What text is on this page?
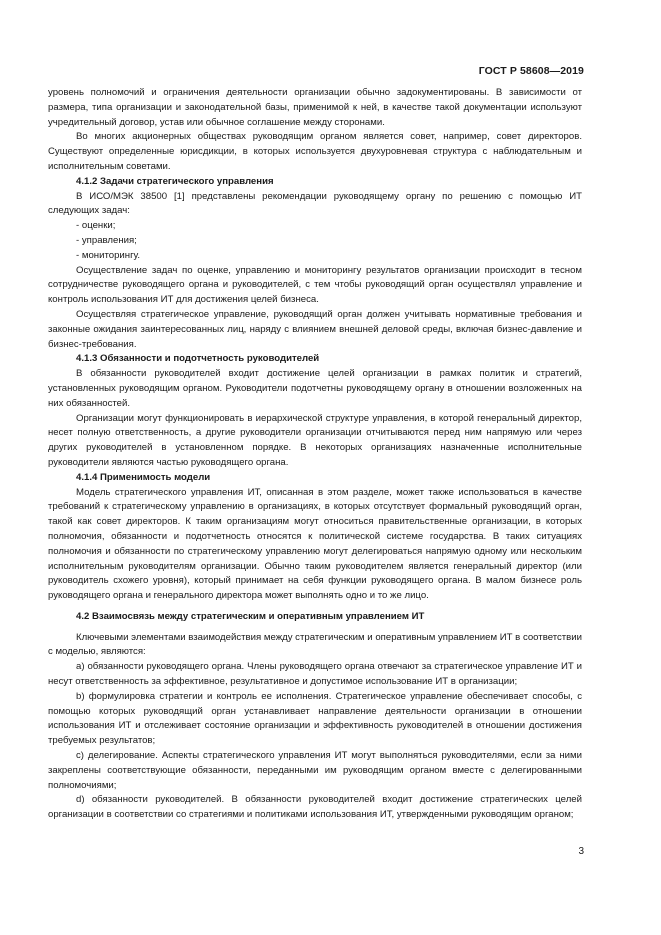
ГОСТ Р 58608—2019

уровень полномочий и ограничения деятельности организации обычно задокументированы. В зависимости от размера, типа организации и законодательной базы, применимой к ней, в качестве такой документации используют учредительный договор, устав или обычное соглашение между сторонами.

Во многих акционерных обществах руководящим органом является совет, например, совет директоров. Существуют определенные юрисдикции, в которых используется двухуровневая структура с наблюдательным и исполнительным советами.

4.1.2 Задачи стратегического управления

В ИСО/МЭК 38500 [1] представлены рекомендации руководящему органу по решению с помощью ИТ следующих задач:

- оценки;

- управления;

- мониторингу.

Осуществление задач по оценке, управлению и мониторингу результатов организации происходит в тесном сотрудничестве руководящего органа и руководителей, с тем чтобы руководящий орган осуществлял управление и контроль использования ИТ для достижения целей бизнеса.

Осуществляя стратегическое управление, руководящий орган должен учитывать нормативные требования и законные ожидания заинтересованных лиц, наряду с влиянием внешней деловой среды, включая бизнес-давление и бизнес-требования.

4.1.3 Обязанности и подотчетность руководителей

В обязанности руководителей входит достижение целей организации в рамках политик и стратегий, установленных руководящим органом. Руководители подотчетны руководящему органу в отношении возложенных на них обязанностей.

Организации могут функционировать в иерархической структуре управления, в которой генеральный директор, несет полную ответственность, а другие руководители организации отчитываются перед ним напрямую или через других руководителей в установленном порядке. В некоторых организациях назначенные исполнительные руководители являются частью руководящего органа.

4.1.4 Применимость модели

Модель стратегического управления ИТ, описанная в этом разделе, может также использоваться в качестве требований к стратегическому управлению в организациях, в которых отсутствует формальный руководящий орган, такой как совет директоров. К таким организациям могут относиться правительственные организации, в которых полномочия, обязанности и подотчетность относятся к политической системе государства. В таких ситуациях полномочия и обязанности по стратегическому управлению могут делегироваться напрямую одному или нескольким исполнительным руководителям организации. Обычно таким руководителем является генеральный директор (или руководитель схожего уровня), который принимает на себя функции руководящего органа. В малом бизнесе роль руководящего органа и генерального директора может выполнять одно и то же лицо.

4.2 Взаимосвязь между стратегическим и оперативным управлением ИТ

Ключевыми элементами взаимодействия между стратегическим и оперативным управлением ИТ в соответствии с моделью, являются:

a) обязанности руководящего органа. Члены руководящего органа отвечают за стратегическое управление ИТ и несут ответственность за эффективное, результативное и допустимое использование ИТ в организации;

b) формулировка стратегии и контроль ее исполнения. Стратегическое управление обеспечивает способы, с помощью которых руководящий орган устанавливает направление деятельности организации в отношении использования ИТ и отслеживает состояние организации и эффективность руководителей в отношении достижения требуемых результатов;

c) делегирование. Аспекты стратегического управления ИТ могут выполняться руководителями, если за ними закреплены соответствующие обязанности, переданными им руководящим органом вместе с делегированными полномочиями;

d) обязанности руководителей. В обязанности руководителей входит достижение стратегических целей организации в соответствии со стратегиями и политиками использования ИТ, утвержденными руководящим органом;

3
